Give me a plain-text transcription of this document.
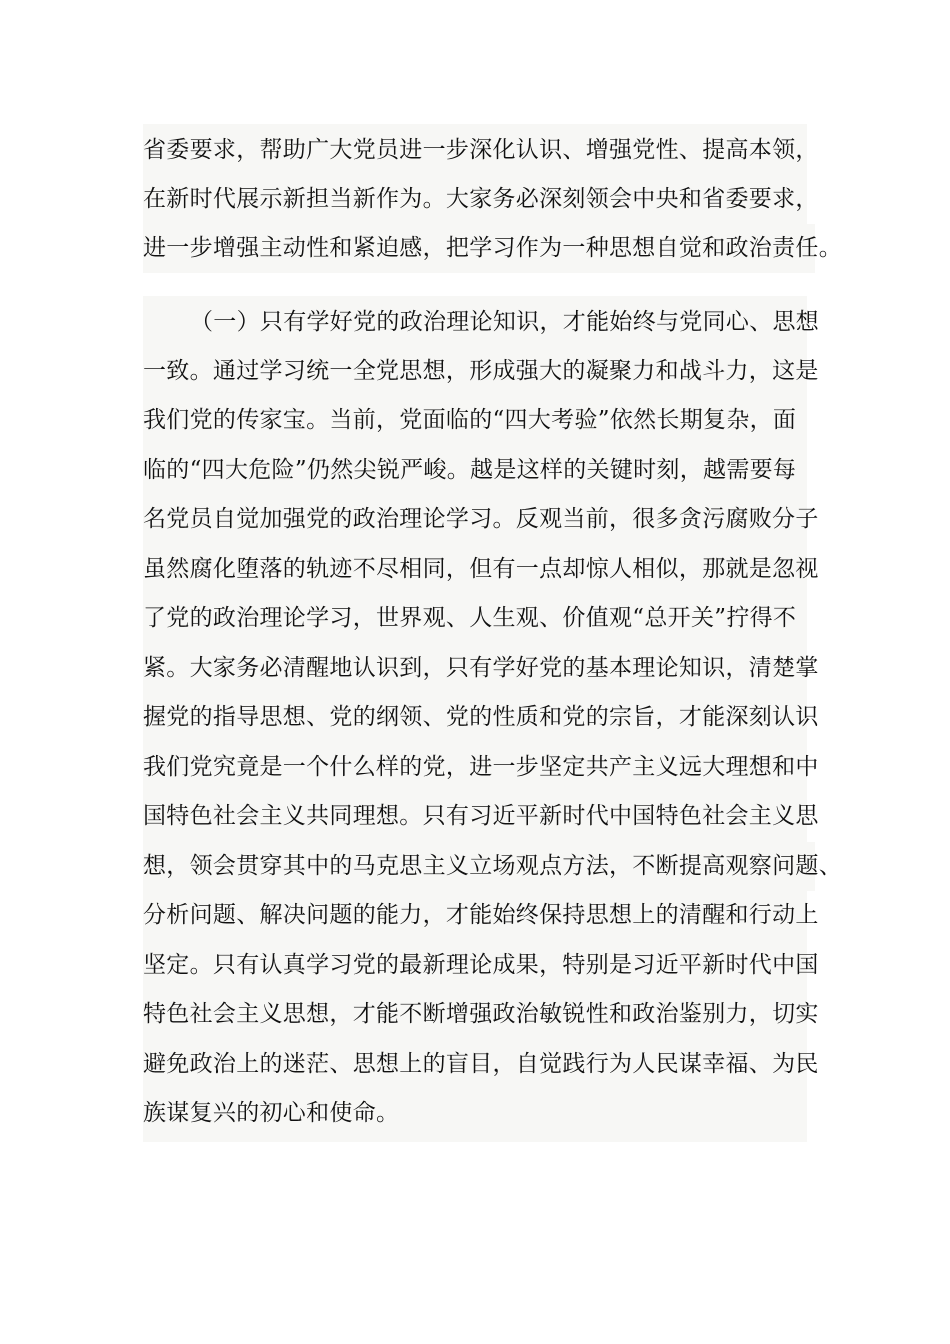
省委要求，帮助广大党员进一步深化认识、增强党性、提高本领，
在新时代展示新担当新作为。大家务必深刻领会中央和省委要求，
进一步增强主动性和紧迫感，把学习作为一种思想自觉和政治责任。
（一）只有学好党的政治理论知识，才能始终与党同心、思想
一致。通过学习统一全党思想，形成强大的凝聚力和战斗力，这是
我们党的传家宝。当前，党面临的“四大考验”依然长期复杂，面
临的“四大危险”仍然尖锐严峻。越是这样的关键时刻，越需要每
名党员自觉加强党的政治理论学习。反观当前，很多贪污腐败分子
虽然腐化堕落的轨迹不尽相同，但有一点却惊人相似，那就是忽视
了党的政治理论学习，世界观、人生观、价值观“总开关”拧得不
紧。大家务必清醒地认识到，只有学好党的基本理论知识，清楚掌
握党的指导思想、党的纲领、党的性质和党的宗旨，才能深刻认识
我们党究竟是一个什么样的党，进一步坚定共产主义远大理想和中
国特色社会主义共同理想。只有习近平新时代中国特色社会主义思
想，领会贯穿其中的马克思主义立场观点方法，不断提高观察问题、
分析问题、解决问题的能力，才能始终保持思想上的清醒和行动上
坚定。只有认真学习党的最新理论成果，特别是习近平新时代中国
特色社会主义思想，才能不断增强政治敏锐性和政治鉴别力，切实
避免政治上的迷茫、思想上的盲目，自觉践行为人民谋幸福、为民
族谋复兴的初心和使命。
